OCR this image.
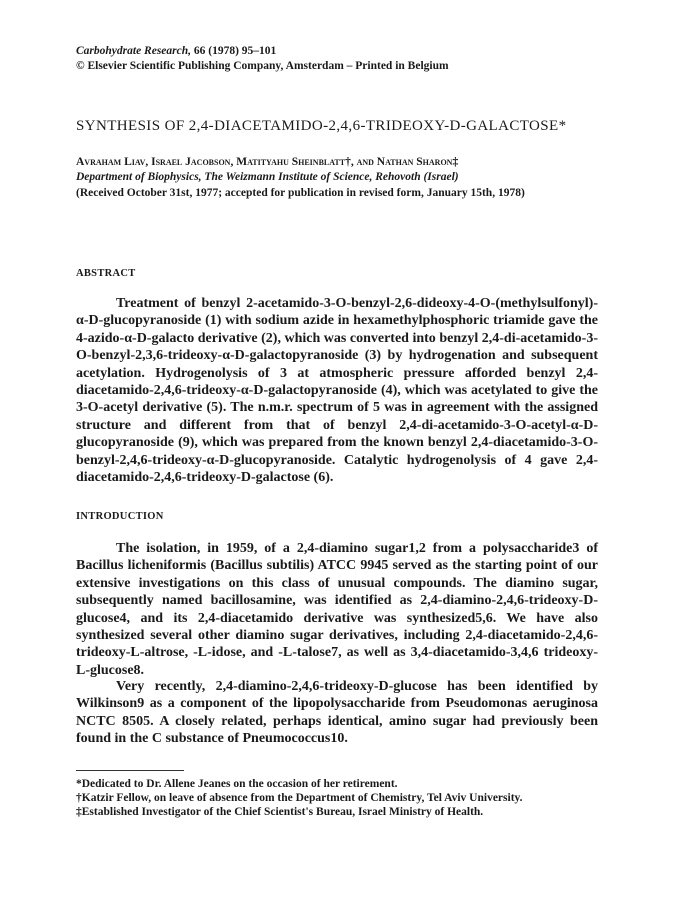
Carbohydrate Research, 66 (1978) 95–101
© Elsevier Scientific Publishing Company, Amsterdam – Printed in Belgium
SYNTHESIS OF 2,4-DIACETAMIDO-2,4,6-TRIDEOXY-D-GALACTOSE*
Avraham Liav, Israel Jacobson, Matityahu Sheinblatt†, and Nathan Sharon‡
Department of Biophysics, The Weizmann Institute of Science, Rehovoth (Israel)
(Received October 31st, 1977; accepted for publication in revised form, January 15th, 1978)
ABSTRACT

Treatment of benzyl 2-acetamido-3-O-benzyl-2,6-dideoxy-4-O-(methylsulfonyl)-α-D-glucopyranoside (1) with sodium azide in hexamethylphosphoric triamide gave the 4-azido-α-D-galacto derivative (2), which was converted into benzyl 2,4-di-acetamido-3-O-benzyl-2,3,6-trideoxy-α-D-galactopyranoside (3) by hydrogenation and subsequent acetylation. Hydrogenolysis of 3 at atmospheric pressure afforded benzyl 2,4-diacetamido-2,4,6-trideoxy-α-D-galactopyranoside (4), which was acetylated to give the 3-O-acetyl derivative (5). The n.m.r. spectrum of 5 was in agreement with the assigned structure and different from that of benzyl 2,4-di-acetamido-3-O-acetyl-α-D-glucopyranoside (9), which was prepared from the known benzyl 2,4-diacetamido-3-O-benzyl-2,4,6-trideoxy-α-D-glucopyranoside. Catalytic hydrogenolysis of 4 gave 2,4-diacetamido-2,4,6-trideoxy-D-galactose (6).

INTRODUCTION

The isolation, in 1959, of a 2,4-diamino sugar1,2 from a polysaccharide3 of Bacillus licheniformis (Bacillus subtilis) ATCC 9945 served as the starting point of our extensive investigations on this class of unusual compounds. The diamino sugar, subsequently named bacillosamine, was identified as 2,4-diamino-2,4,6-trideoxy-D-glucose4, and its 2,4-diacetamido derivative was synthesized5,6. We have also synthesized several other diamino sugar derivatives, including 2,4-diacetamido-2,4,6-trideoxy-L-altrose, -L-idose, and -L-talose7, as well as 3,4-diacetamido-3,4,6 trideoxy-L-glucose8.

Very recently, 2,4-diamino-2,4,6-trideoxy-D-glucose has been identified by Wilkinson9 as a component of the lipopolysaccharide from Pseudomonas aeruginosa NCTC 8505. A closely related, perhaps identical, amino sugar had previously been found in the C substance of Pneumococcus10.

*Dedicated to Dr. Allene Jeanes on the occasion of her retirement.
†Katzir Fellow, on leave of absence from the Department of Chemistry, Tel Aviv University.
‡Established Investigator of the Chief Scientist's Bureau, Israel Ministry of Health.
